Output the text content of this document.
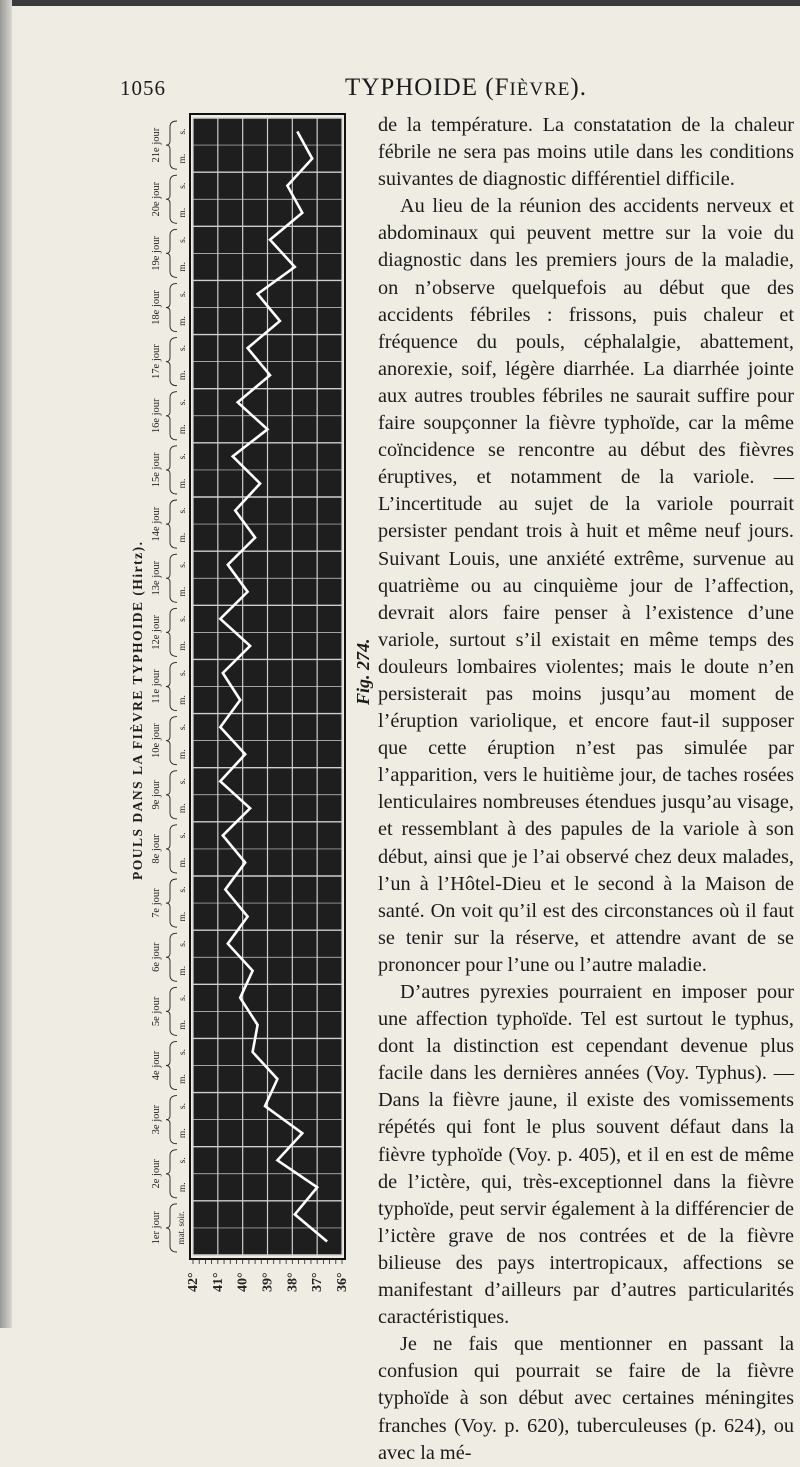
1056	TYPHOIDE (FIÈVRE).
POULS DANS LA FIÈVRE TYPHOIDE (Hirtz).	Fig. 274.
1er jour mat. soir.
2e jour m.
s.
3e jour m.
s.
4e jour m.
s.
5e jour m.
s.
6e jour m.
s.
7e jour m.
s.
8e jour m.
s.
9e jour m.
s.
10e jour m.
s.
11e jour m.
s.
12e jour m.
s.
13e jour m.
s.
14e jour m.
s.
15e jour m.
s.
16e jour m.
s.
17e jour m.
s.
18e jour m.
s.
19e jour m.
s.
20e jour m.
s.
21e jour m.
s.
42° 41° 40° 39° 38° 37° 36°

de la température. La constatation de la chaleur fébrile ne sera pas moins utile dans les conditions suivantes de diagnostic différentiel difficile.

Au lieu de la réunion des accidents nerveux et abdominaux qui peuvent mettre sur la voie du diagnostic dans les premiers jours de la maladie, on n’observe quelquefois au début que des accidents fébriles : frissons, puis chaleur et fréquence du pouls, céphalalgie, abattement, anorexie, soif, légère diarrhée. La diarrhée jointe aux autres troubles fébriles ne saurait suffire pour faire soupçonner la fièvre typhoïde, car la même coïncidence se rencontre au début des fièvres éruptives, et notamment de la variole. — L’incertitude au sujet de la variole pourrait persister pendant trois à huit et même neuf jours. Suivant Louis, une anxiété extrême, survenue au quatrième ou au cinquième jour de l’affection, devrait alors faire penser à l’existence d’une variole, surtout s’il existait en même temps des douleurs lombaires violentes; mais le doute n’en persisterait pas moins jusqu’au moment de l’éruption variolique, et encore faut-il supposer que cette éruption n’est pas simulée par l’apparition, vers le huitième jour, de taches rosées lenticulaires nombreuses étendues jusqu’au visage, et ressemblant à des papules de la variole à son début, ainsi que je l’ai observé chez deux malades, l’un à l’Hôtel-Dieu et le second à la Maison de santé. On voit qu’il est des circonstances où il faut se tenir sur la réserve, et attendre avant de se prononcer pour l’une ou l’autre maladie.

D’autres pyrexies pourraient en imposer pour une affection typhoïde. Tel est surtout le typhus, dont la distinction est cependant devenue plus facile dans les dernières années (Voy. Typhus). — Dans la fièvre jaune, il existe des vomissements répétés qui font le plus souvent défaut dans la fièvre typhoïde (Voy. p. 405), et il en est de même de l’ictère, qui, très-exceptionnel dans la fièvre typhoïde, peut servir également à la différencier de l’ictère grave de nos contrées et de la fièvre bilieuse des pays intertropicaux, affections se manifestant d’ailleurs par d’autres particularités caractéristiques.

Je ne fais que mentionner en passant la confusion qui pourrait se faire de la fièvre typhoïde à son début avec certaines méningites franches (Voy. p. 620), tuberculeuses (p. 624), ou avec la mé-
